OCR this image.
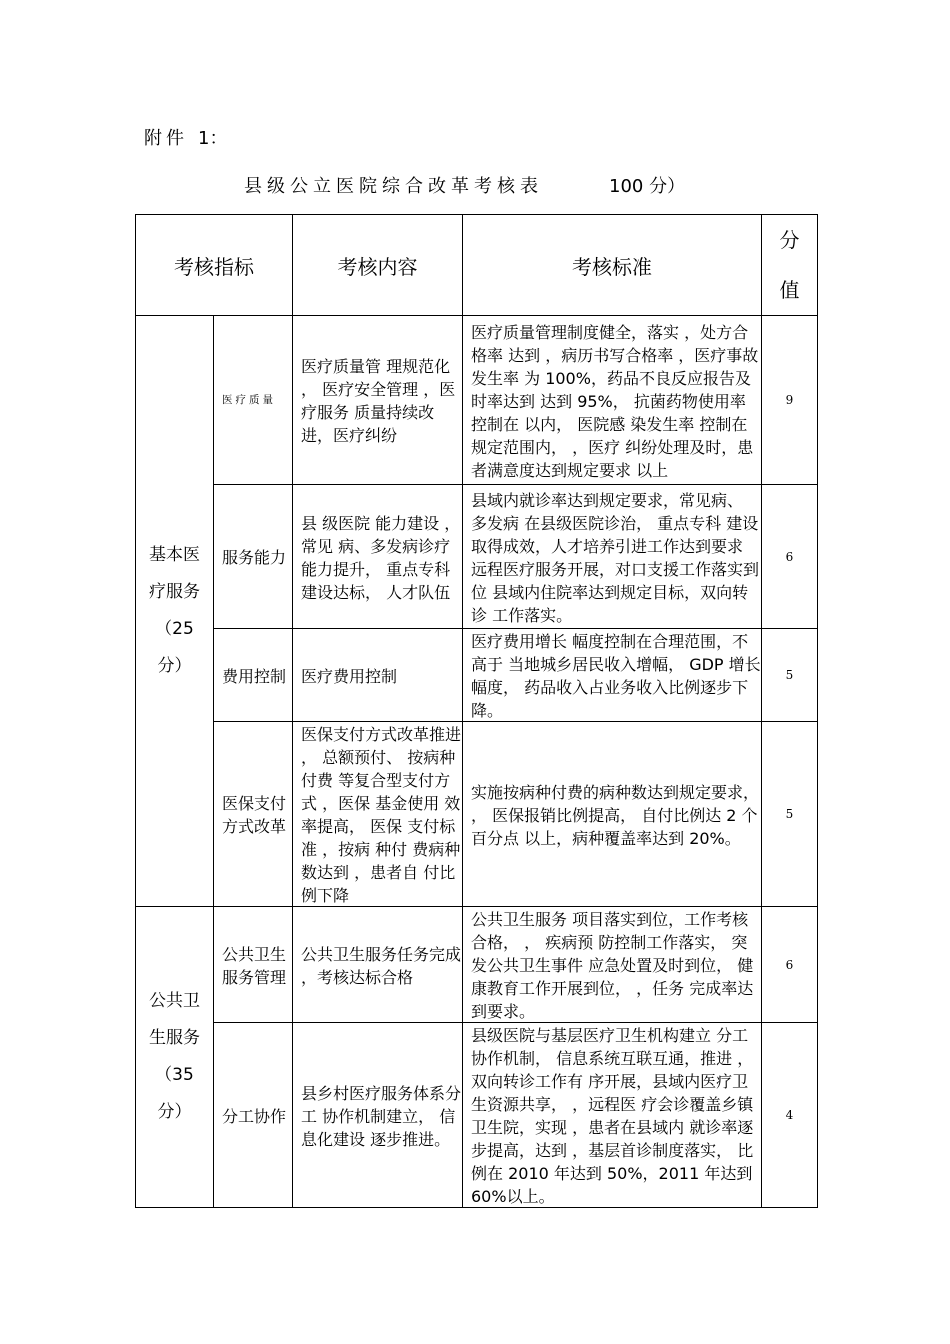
附件 1：
县级公立医院综合改革考核表	100 分）
考核指标		考核内容	考核标准	分
值

基本医
疗服务
（25
分）	医疗质量	医疗质量管 理规范化 ， 医疗安全管理 ，医疗服务 质量持续改进，医疗纠纷	医疗质量管理制度健全，落实 ，处方合格率 达到 ，病历书写合格率 ，医疗事故发生率 为 100%，药品不良反应报告及时率达到 达到 95%， 抗菌药物使用率控制在 以内， 医院感 染发生率 控制在规定范围内， ，医疗 纠纷处理及时，患者满意度达到规定要求 以上	9
	服务能力	县 级医院 能力建设 ，常见 病、多发病诊疗能力提升， 重点专科建设达标， 人才队伍	县域内就诊率达到规定要求，常见病、 多发病 在县级医院诊治， 重点专科 建设取得成效，人才培养引进工作达到要求 远程医疗服务开展，对口支援工作落实到位 县域内住院率达到规定目标，双向转诊 工作落实。	6
	费用控制	医疗费用控制	医疗费用增长 幅度控制在合理范围，不高于 当地城乡居民收入增幅， GDP 增长幅度， 药品收入占业务收入比例逐步下降。	5
	医保支付 方式改革	医保支付方式改革推进 ， 总额预付、 按病种付费 等复合型支付方式 ，医保 基金使用 效率提高， 医保 支付标准 ，按病 种付 费病种数达到 ，患者自 付比例下降	实施按病种付费的病种数达到规定要求， ， 医保报销比例提高， 自付比例达 2 个百分点 以上，病种覆盖率达到 20%。	5

公共卫
生服务
（35
分）	公共卫生 服务管理	公共卫生服务任务完成 ，考核达标合格	公共卫生服务 项目落实到位，工作考核合格， ， 疾病预 防控制工作落实， 突发公共卫生事件 应急处置及时到位， 健康教育工作开展到位， ，任务 完成率达到要求。	6
	分工协作	县乡村医疗服务体系分工 协作机制建立， 信息化建设 逐步推进。	县级医院与基层医疗卫生机构建立 分工协作机制， 信息系统互联互通，推进 ，双向转诊工作有 序开展，县域内医疗卫生资源共享， ，远程医 疗会诊覆盖乡镇卫生院，实现 ，患者在县域内 就诊率逐步提高，达到 ，基层首诊制度落实， 比例在 2010 年达到 50%，2011 年达到 60%以上。	4
